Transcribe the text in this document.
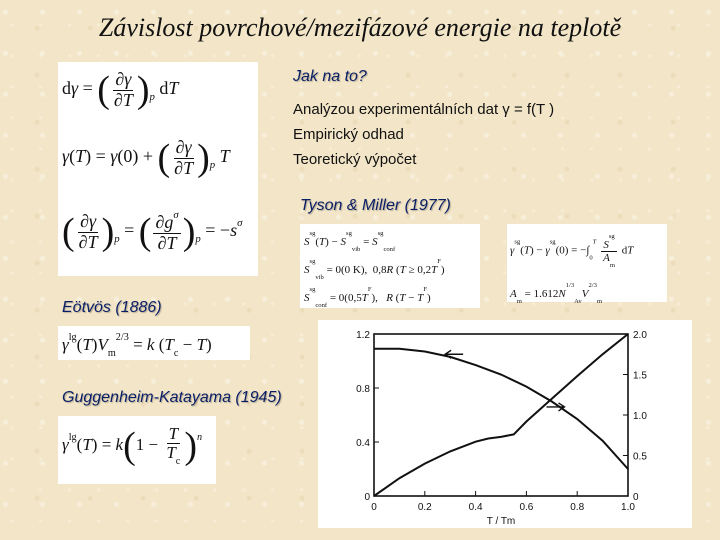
Závislost povrchové/mezifázové energie na teplotě
dγ = ( $\frac{\partial\gamma}{\partial T} )_p$ dT
γ(T) = γ(0) + ( $\frac{\partial\gamma}{\partial T} )_p$ T
( $\frac{\partial\gamma}{\partial T} )_p$ = ( $\frac{\partial g^\sigma}{\partial T} )_p = -s^\sigma$
Jak na to?
Analýzou experimentálních dat γ = f(T )
Empirický odhad
Teoretický výpočet
Tyson & Miller (1977)
$S^{sg}(T) - S^{sg}_{vib} = S^{sg}_{conf}$
$S^{sg}_{vib} = 0(0$ K),  0,8R $(T \ge 0,2T^F)$
$S^{sg}_{conf} = 0(0,5T^F)$,   R $(T - T^F)$
$\gamma^{sg}(T) - \gamma^{sg}(0) = -\int_0^T \frac{S^{sg}}{A_m}$ dT
$A_m = 1.612N^{1/3}_{Av}V^{2/3}_m$
Eötvös (1886)
$\gamma^{lg}(T)V_m^{2/3} = k$ $(T_c - T)$
Guggenheim-Katayama (1945)
$\gamma^{lg}(T) = k(1 - \frac{T}{T_c} )^n$
0	0.2	0.4	0.6	0.8	1.0
0
0.4
0.8
1.2
0
0.5
1.0
1.5
2.0
T / Tm
